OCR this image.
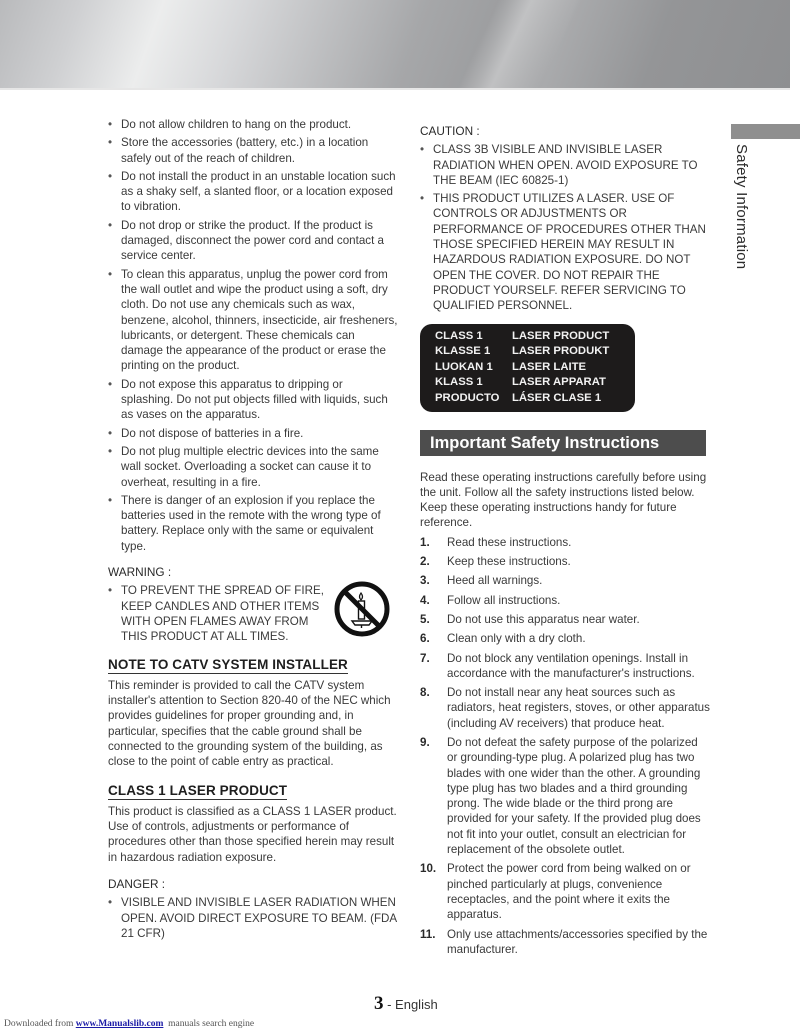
• Do not allow children to hang on the product.
• Store the accessories (battery, etc.) in a location safely out of the reach of children.
• Do not install the product in an unstable location such as a shaky self, a slanted floor, or a location exposed to vibration.
• Do not drop or strike the product. If the product is damaged, disconnect the power cord and contact a service center.
• To clean this apparatus, unplug the power cord from the wall outlet and wipe the product using a soft, dry cloth. Do not use any chemicals such as wax, benzene, alcohol, thinners, insecticide, air fresheners, lubricants, or detergent. These chemicals can damage the appearance of the product or erase the printing on the product.
• Do not expose this apparatus to dripping or splashing. Do not put objects filled with liquids, such as vases on the apparatus.
• Do not dispose of batteries in a fire.
• Do not plug multiple electric devices into the same wall socket. Overloading a socket can cause it to overheat, resulting in a fire.
• There is danger of an explosion if you replace the batteries used in the remote with the wrong type of battery. Replace only with the same or equivalent type.

WARNING :

• TO PREVENT THE SPREAD OF FIRE, KEEP CANDLES AND OTHER ITEMS WITH OPEN FLAMES AWAY FROM THIS PRODUCT AT ALL TIMES.
NOTE TO CATV SYSTEM INSTALLER

This reminder is provided to call the CATV system installer's attention to Section 820-40 of the NEC which provides guidelines for proper grounding and, in particular, specifies that the cable ground shall be connected to the grounding system of the building, as close to the point of cable entry as practical.

CLASS 1 LASER PRODUCT

This product is classified as a CLASS 1 LASER product. Use of controls, adjustments or performance of procedures other than those specified herein may result in hazardous radiation exposure.

DANGER :

• VISIBLE AND INVISIBLE LASER RADIATION WHEN OPEN. AVOID DIRECT EXPOSURE TO BEAM. (FDA 21 CFR)

CAUTION :

• CLASS 3B VISIBLE AND INVISIBLE LASER RADIATION WHEN OPEN. AVOID EXPOSURE TO THE BEAM (IEC 60825-1)
• THIS PRODUCT UTILIZES A LASER. USE OF CONTROLS OR ADJUSTMENTS OR PERFORMANCE OF PROCEDURES OTHER THAN THOSE SPECIFIED HEREIN MAY RESULT IN HAZARDOUS RADIATION EXPOSURE. DO NOT OPEN THE COVER. DO NOT REPAIR THE PRODUCT YOURSELF. REFER SERVICING TO QUALIFIED PERSONNEL.
CLASS 1	LASER PRODUCT
KLASSE 1	LASER PRODUKT
LUOKAN 1	LASER LAITE
KLASS 1	LASER APPARAT
PRODUCTO	LÁSER CLASE 1
Important Safety Instructions

Read these operating instructions carefully before using the unit. Follow all the safety instructions listed below. Keep these operating instructions handy for future reference.

1. Read these instructions.
2. Keep these instructions.
3. Heed all warnings.
4. Follow all instructions.
5. Do not use this apparatus near water.
6. Clean only with a dry cloth.
7. Do not block any ventilation openings. Install in accordance with the manufacturer's instructions.
8. Do not install near any heat sources such as radiators, heat registers, stoves, or other apparatus (including AV receivers) that produce heat.
9. Do not defeat the safety purpose of the polarized or grounding-type plug. A polarized plug has two blades with one wider than the other. A grounding type plug has two blades and a third grounding prong. The wide blade or the third prong are provided for your safety. If the provided plug does not fit into your outlet, consult an electrician for replacement of the obsolete outlet.
10. Protect the power cord from being walked on or pinched particularly at plugs, convenience receptacles, and the point where it exits the apparatus.
11. Only use attachments/accessories specified by the manufacturer.
Safety Information
3 - English
Downloaded from www.Manualslib.com  manuals search engine
